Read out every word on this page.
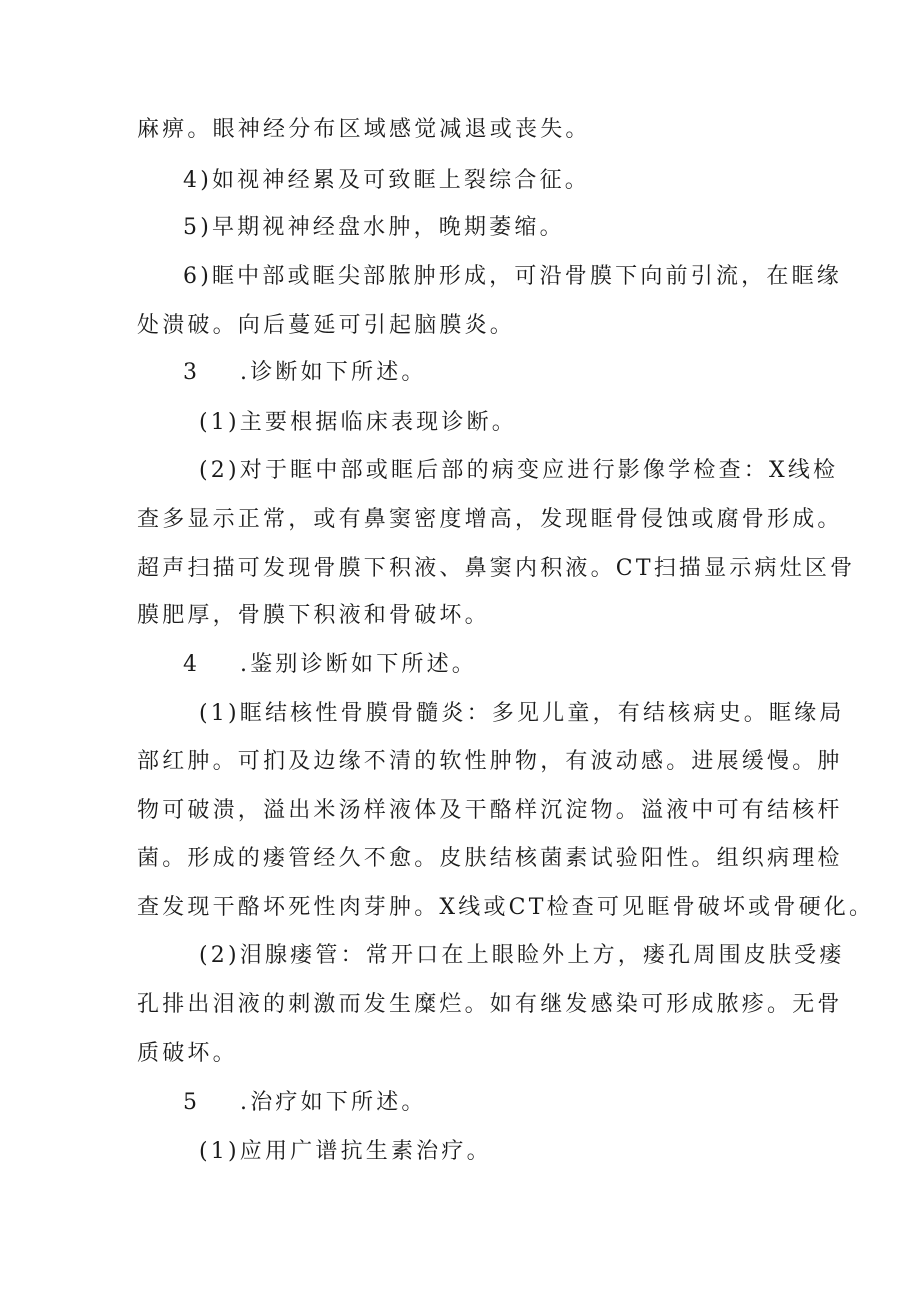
麻痹。眼神经分布区域感觉减退或丧失。
4)如视神经累及可致眶上裂综合征。
5)早期视神经盘水肿，晚期萎缩。
6)眶中部或眶尖部脓肿形成，可沿骨膜下向前引流，在眶缘
处溃破。向后蔓延可引起脑膜炎。
3 .诊断如下所述。
(1)主要根据临床表现诊断。
(2)对于眶中部或眶后部的病变应进行影像学检查：X线检
查多显示正常，或有鼻窦密度增高，发现眶骨侵蚀或腐骨形成。
超声扫描可发现骨膜下积液、鼻窦内积液。CT扫描显示病灶区骨
膜肥厚，骨膜下积液和骨破坏。
4 .鉴别诊断如下所述。
(1)眶结核性骨膜骨髓炎：多见儿童，有结核病史。眶缘局
部红肿。可扪及边缘不清的软性肿物，有波动感。进展缓慢。肿
物可破溃，溢出米汤样液体及干酪样沉淀物。溢液中可有结核杆
菌。形成的瘘管经久不愈。皮肤结核菌素试验阳性。组织病理检
查发现干酪坏死性肉芽肿。X线或CT检查可见眶骨破坏或骨硬化。
(2)泪腺瘘管：常开口在上眼睑外上方，瘘孔周围皮肤受瘘
孔排出泪液的刺激而发生糜烂。如有继发感染可形成脓疹。无骨
质破坏。
5 .治疗如下所述。
(1)应用广谱抗生素治疗。
